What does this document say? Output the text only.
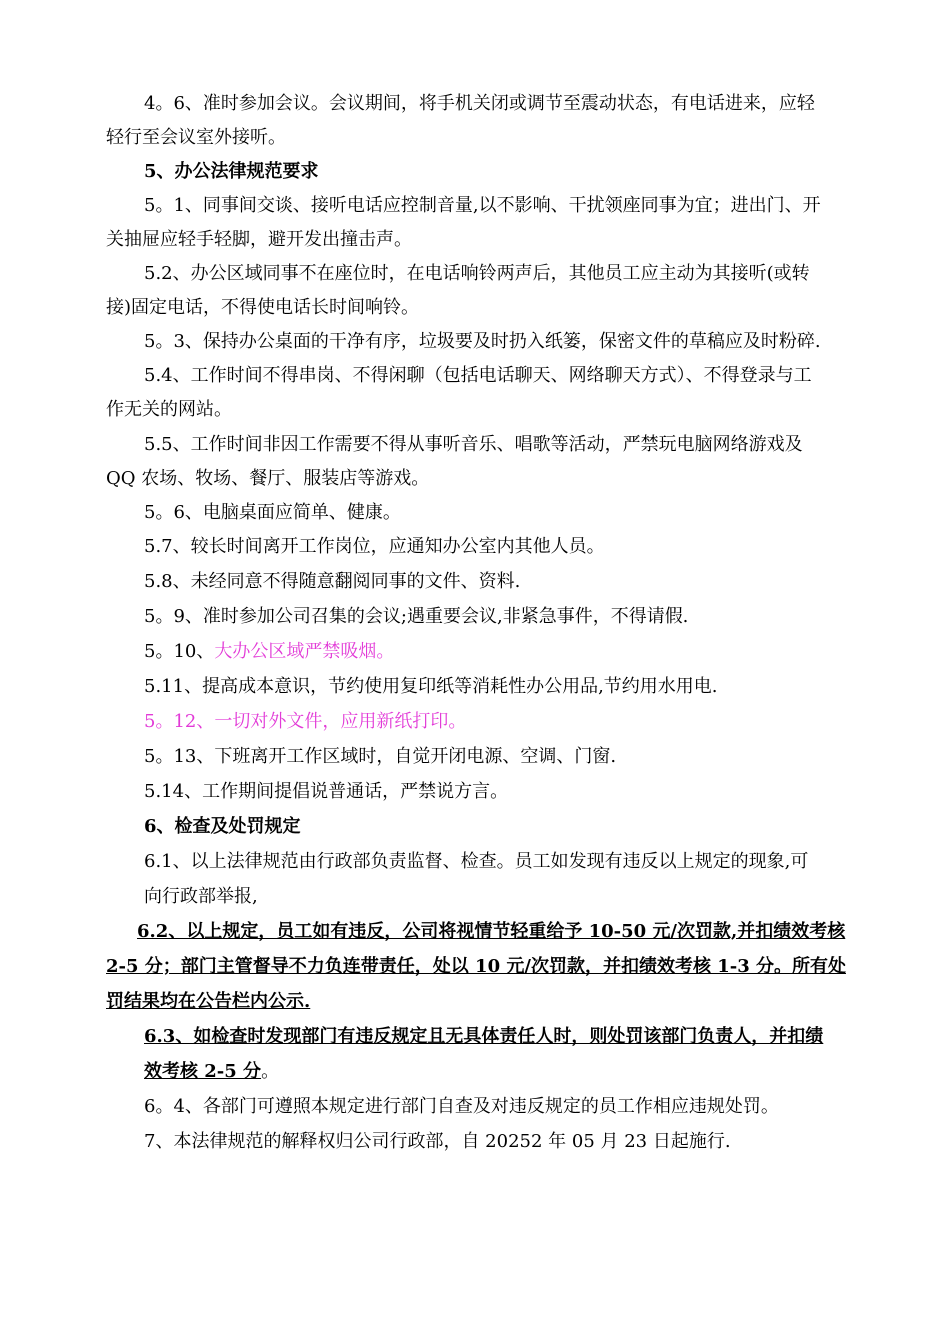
4。6、准时参加会议。会议期间，将手机关闭或调节至震动状态，有电话进来，应轻
轻行至会议室外接听。
5、办公法律规范要求
5。1、同事间交谈、接听电话应控制音量,以不影响、干扰领座同事为宜；进出门、开
关抽屉应轻手轻脚，避开发出撞击声。
5.2、办公区域同事不在座位时，在电话响铃两声后，其他员工应主动为其接听(或转
接)固定电话，不得使电话长时间响铃。
5。3、保持办公桌面的干净有序，垃圾要及时扔入纸篓，保密文件的草稿应及时粉碎.
5.4、工作时间不得串岗、不得闲聊（包括电话聊天、网络聊天方式）、不得登录与工
作无关的网站。
5.5、工作时间非因工作需要不得从事听音乐、唱歌等活动，严禁玩电脑网络游戏及
QQ 农场、牧场、餐厅、服装店等游戏。
5。6、电脑桌面应简单、健康。
5.7、较长时间离开工作岗位，应通知办公室内其他人员。
5.8、未经同意不得随意翻阅同事的文件、资料.
5。9、准时参加公司召集的会议;遇重要会议,非紧急事件，不得请假.
5。10、大办公区域严禁吸烟。
5.11、提高成本意识，节约使用复印纸等消耗性办公用品,节约用水用电.
5。12、一切对外文件，应用新纸打印。
5。13、下班离开工作区域时，自觉开闭电源、空调、门窗.
5.14、工作期间提倡说普通话，严禁说方言。
6、检查及处罚规定
6.1、以上法律规范由行政部负责监督、检查。员工如发现有违反以上规定的现象,可
向行政部举报,
6.2、以上规定，员工如有违反，公司将视情节轻重给予 10-50 元/次罚款,并扣绩效考核
2-5 分；部门主管督导不力负连带责任，处以 10 元/次罚款，并扣绩效考核 1-3 分。所有处
罚结果均在公告栏内公示.
6.3、如检查时发现部门有违反规定且无具体责任人时，则处罚该部门负责人，并扣绩
效考核 2-5 分。
6。4、各部门可遵照本规定进行部门自查及对违反规定的员工作相应违规处罚。
7、本法律规范的解释权归公司行政部，自 20252 年 05 月 23 日起施行.
